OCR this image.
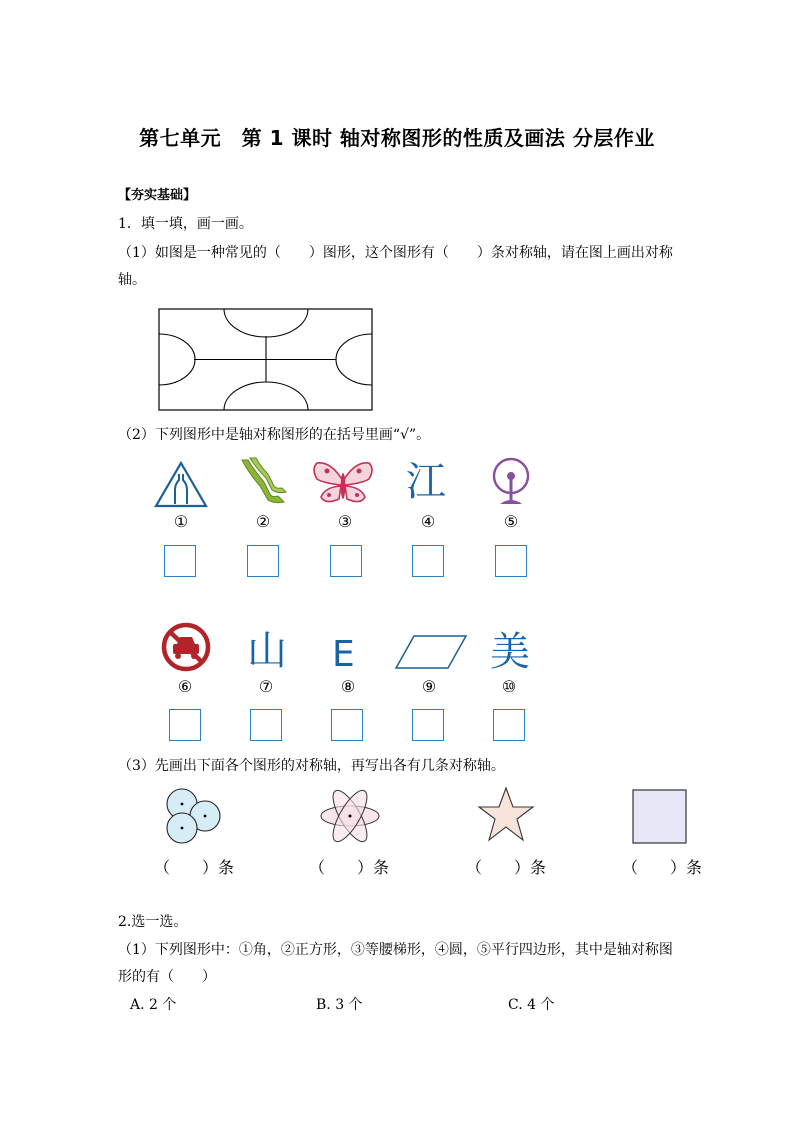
第七单元　第 1 课时 轴对称图形的性质及画法 分层作业
【夯实基础】
1．填一填，画一画。
（1）如图是一种常见的（　　）图形，这个图形有（　　）条对称轴，请在图上画出对称
轴。
（2）下列图形中是轴对称图形的在括号里画“√”。
江
①	②	③	④	⑤
山 E	美
⑥	⑦	⑧	⑨	⑩
（3）先画出下面各个图形的对称轴，再写出各有几条对称轴。
（　　）条	（　　）条	（　　）条	（　　）条
2.选一选。
（1）下列图形中：①角，②正方形，③等腰梯形，④圆，⑤平行四边形，其中是轴对称图
形的有（　　）
A. 2 个	B. 3 个	C. 4 个
